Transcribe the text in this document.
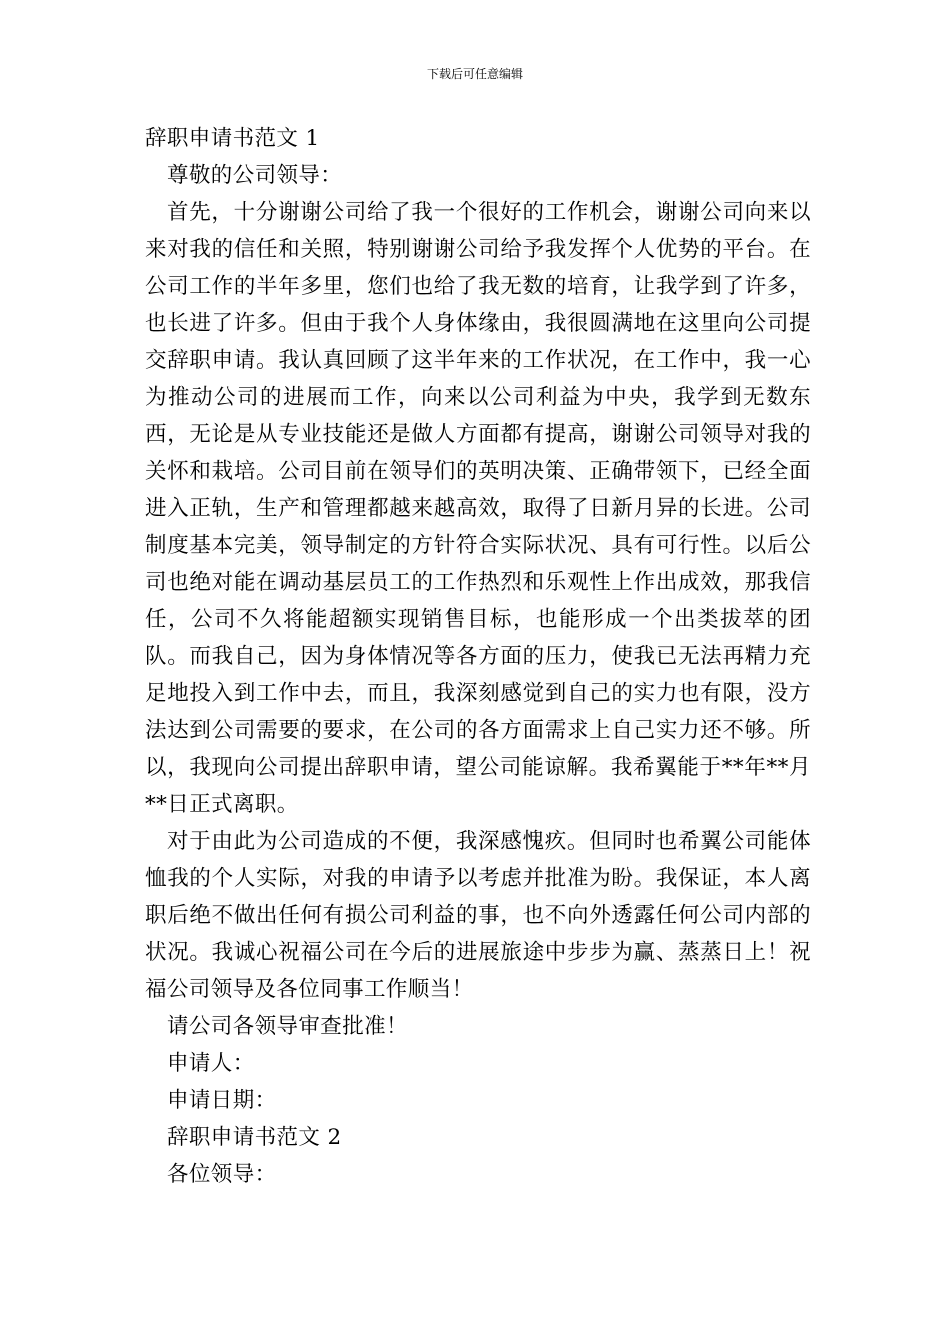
下载后可任意编辑

辞职申请书范文 1

尊敬的公司领导：

首先，十分谢谢公司给了我一个很好的工作机会，谢谢公司向来以来对我的信任和关照，特别谢谢公司给予我发挥个人优势的平台。在公司工作的半年多里，您们也给了我无数的培育，让我学到了许多，也长进了许多。但由于我个人身体缘由，我很圆满地在这里向公司提交辞职申请。我认真回顾了这半年来的工作状况，在工作中，我一心为推动公司的进展而工作，向来以公司利益为中央，我学到无数东西，无论是从专业技能还是做人方面都有提高，谢谢公司领导对我的关怀和栽培。公司目前在领导们的英明决策、正确带领下，已经全面进入正轨，生产和管理都越来越高效，取得了日新月异的长进。公司制度基本完美，领导制定的方针符合实际状况、具有可行性。以后公司也绝对能在调动基层员工的工作热烈和乐观性上作出成效，那我信任，公司不久将能超额实现销售目标，也能形成一个出类拔萃的团队。而我自己，因为身体情况等各方面的压力，使我已无法再精力充足地投入到工作中去，而且，我深刻感觉到自己的实力也有限，没方法达到公司需要的要求，在公司的各方面需求上自己实力还不够。所以，我现向公司提出辞职申请，望公司能谅解。我希翼能于**年**月**日正式离职。

对于由此为公司造成的不便，我深感愧疚。但同时也希翼公司能体恤我的个人实际，对我的申请予以考虑并批准为盼。我保证，本人离职后绝不做出任何有损公司利益的事，也不向外透露任何公司内部的状况。我诚心祝福公司在今后的进展旅途中步步为赢、蒸蒸日上！祝福公司领导及各位同事工作顺当！

请公司各领导审查批准！

申请人：

申请日期：

辞职申请书范文 2

各位领导：
